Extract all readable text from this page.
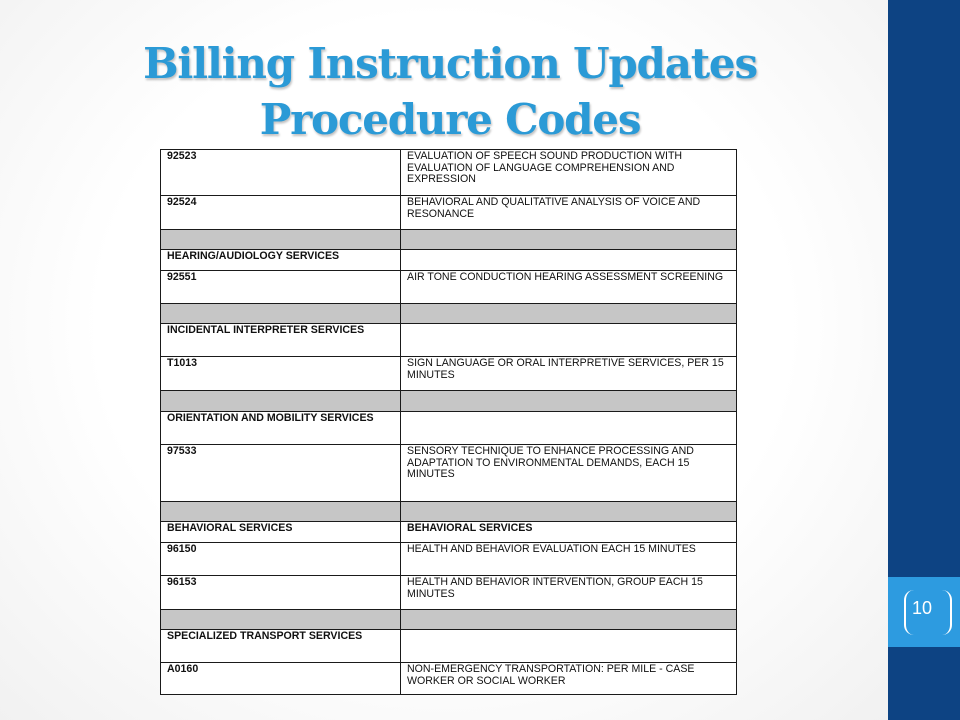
10
Billing Instruction Updates
Procedure Codes
92523	EVALUATION OF SPEECH SOUND PRODUCTION WITH EVALUATION OF LANGUAGE COMPREHENSION AND EXPRESSION
92524	BEHAVIORAL AND QUALITATIVE ANALYSIS OF VOICE AND RESONANCE

HEARING/AUDIOLOGY SERVICES	
92551	AIR TONE CONDUCTION HEARING ASSESSMENT SCREENING

INCIDENTAL INTERPRETER SERVICES	
T1013	SIGN LANGUAGE OR ORAL INTERPRETIVE SERVICES, PER 15 MINUTES

ORIENTATION AND MOBILITY SERVICES	
97533	SENSORY TECHNIQUE TO ENHANCE PROCESSING AND ADAPTATION TO ENVIRONMENTAL DEMANDS, EACH 15 MINUTES

BEHAVIORAL SERVICES	BEHAVIORAL SERVICES
96150	HEALTH AND BEHAVIOR EVALUATION EACH 15 MINUTES
96153	HEALTH AND BEHAVIOR INTERVENTION, GROUP EACH 15 MINUTES

SPECIALIZED TRANSPORT SERVICES	
A0160	NON-EMERGENCY TRANSPORTATION: PER MILE - CASE WORKER OR SOCIAL WORKER
